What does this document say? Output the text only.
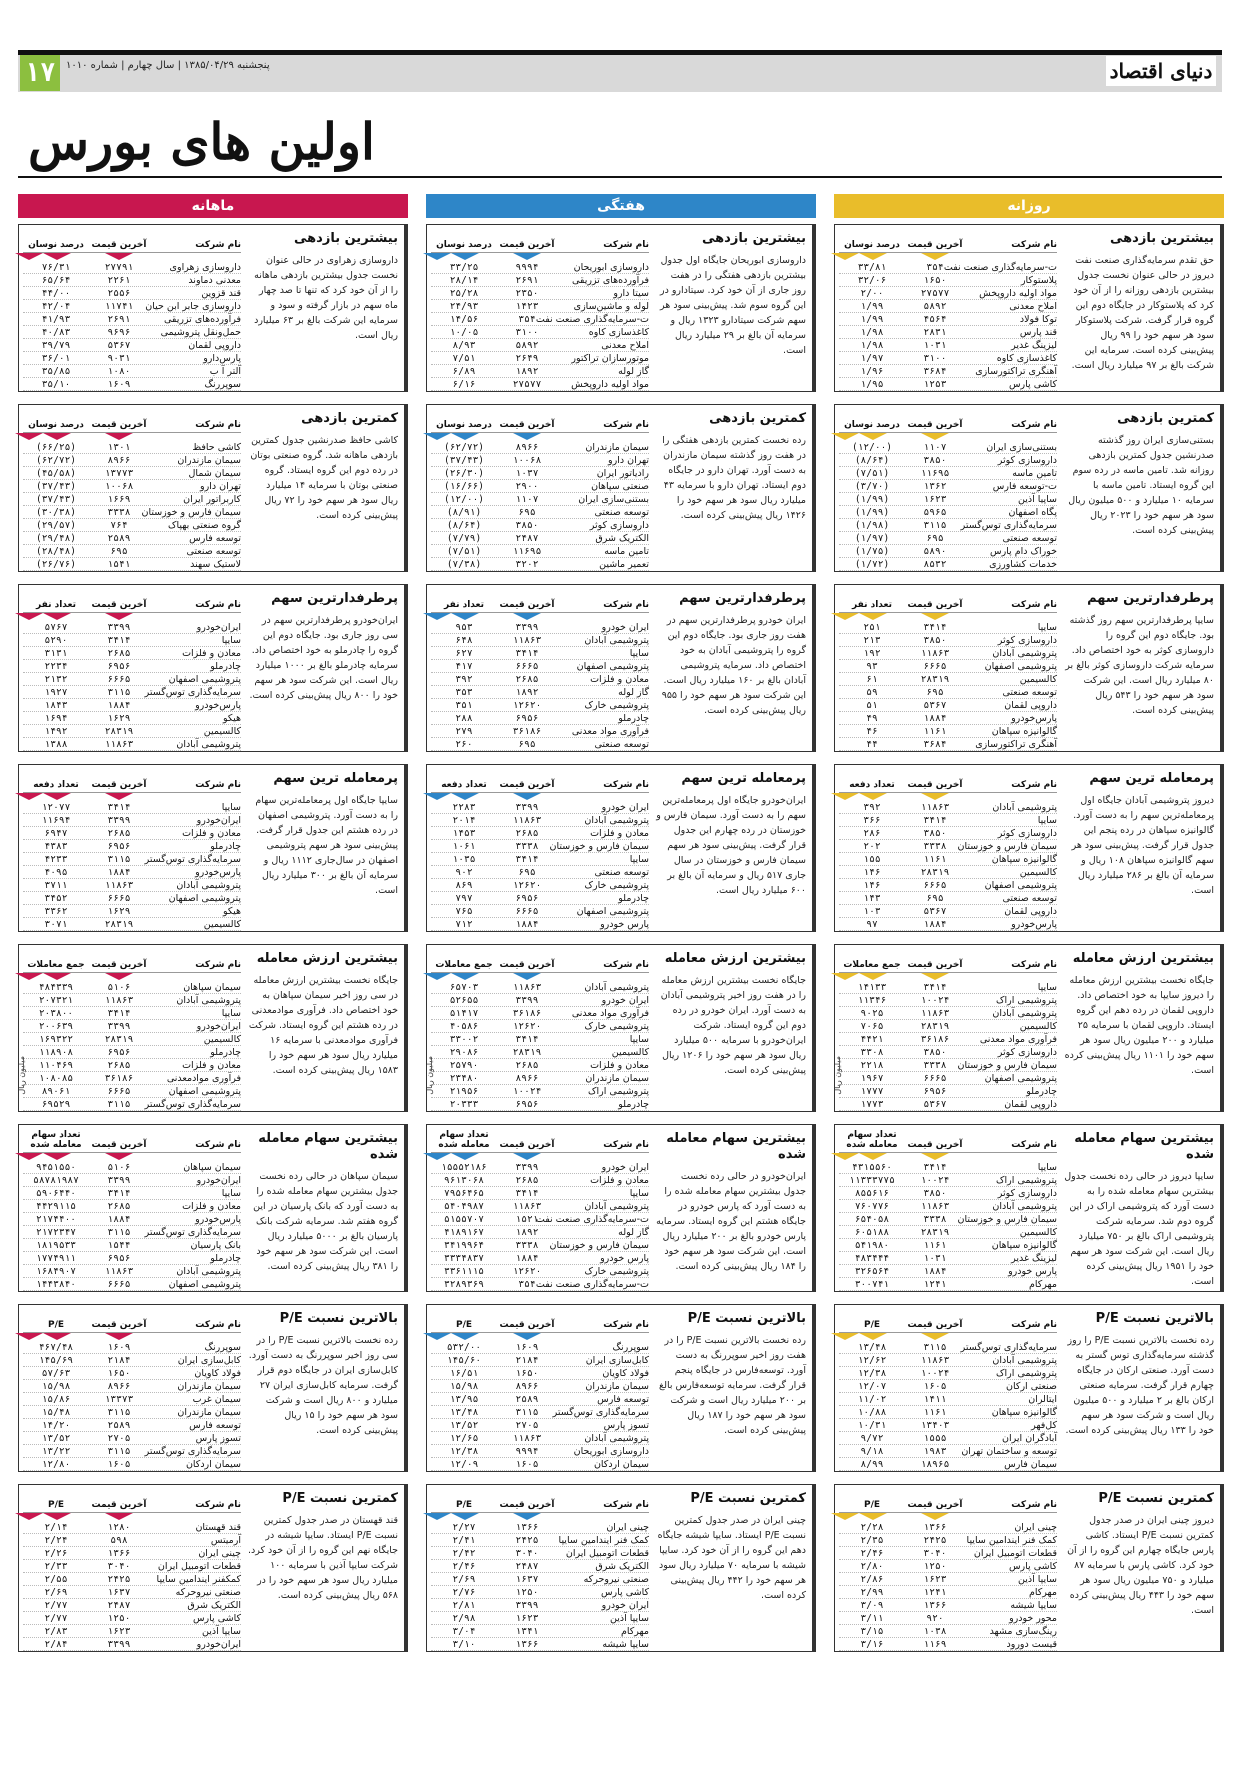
۱۷	پنجشنبه ۱۳۸۵/۰۴/۲۹ | سال چهارم | شماره ۱۰۱۰	دنیای اقتصاد
اولین های بورس
ماهانه
نام شرکت
آخرین قیمت
درصد نوسان
داروسازی زهراوی
۲۷۷۹۱
۷۶/۳۱
معدنی دماوند
۲۲۶۱
۶۵/۶۴
قند قزوین
۲۵۵۶
۴۴/۰۰
داروسازی جابر ابن حیان
۱۱۷۴۱
۴۲/۰۴
فرآورده‌های تزریقی
۲۶۹۱
۴۱/۹۳
حمل‌ونقل پتروشیمی
۹۶۹۶
۴۰/۸۳
داروپی لقمان
۵۳۶۷
۳۹/۷۹
پارس‌دارو
۹۰۳۱
۳۶/۰۱
آلتر آ ب
۱۰۸۰
۳۵/۸۵
سوپررنگ
۱۶۰۹
۳۵/۱۰
بیشترین بازدهی

داروسازی زهراوی در حالی عنوان نخست جدول بیشترین بازدهی ماهانه را از آن خود کرد که تنها تا صد چهار ماه سهم در بازار گرفته و سود و سرمایه این شرکت بالغ بر ۶۳ میلیارد ریال است.

نام شرکت
آخرین قیمت
درصد نوسان
کاشی حافظ
۱۳۰۱
(۶۶/۲۵)
سیمان مازندران
۸۹۶۶
(۶۲/۷۲)
سیمان شمال
۱۳۷۷۳
(۴۵/۵۸)
تهران دارو
۱۰۰۶۸
(۳۷/۴۳)
کاربراتور ایران
۱۶۶۹
(۳۷/۴۳)
سیمان فارس و خوزستان
۳۳۳۸
(۳۰/۳۸)
گروه صنعتی بهپاک
۷۶۴
(۲۹/۵۷)
توسعه فارس
۲۵۸۹
(۲۹/۴۸)
توسعه صنعتی
۶۹۵
(۲۸/۴۸)
لاستیک سهند
۱۵۴۱
(۲۶/۷۶)
کمترین بازدهی

کاشی حافظ صدرنشین جدول کمترین بازدهی ماهانه شد. گروه صنعتی بوتان در رده دوم این گروه ایستاد. گروه صنعتی بوتان با سرمایه ۱۴ میلیارد ریال سود هر سهم خود را ۷۲ ریال پیش‌بینی کرده است.

نام شرکت
آخرین قیمت
تعداد نفر
ایران‌خودرو
۳۳۹۹
۵۷۶۷
سایپا
۳۴۱۴
۵۲۹۰
معادن و فلزات
۲۶۸۵
۳۱۳۱
چادرملو
۶۹۵۶
۲۲۳۴
پتروشیمی اصفهان
۶۶۶۵
۲۱۳۲
سرمایه‌گذاری توس‌گستر
۳۱۱۵
۱۹۲۷
پارس‌خودرو
۱۸۸۴
۱۸۴۳
هیکو
۱۶۲۹
۱۶۹۴
کالسیمین
۲۸۳۱۹
۱۴۹۲
پتروشیمی آبادان
۱۱۸۶۳
۱۳۸۸
پرطرفدارترین سهم

ایران‌خودرو پرطرفدارترین سهم در سی روز جاری بود. جایگاه دوم این گروه را چادرملو به خود اختصاص داد. سرمایه چادرملو بالغ بر ۱۰۰۰ میلیارد ریال است. این شرکت سود هر سهم خود را ۸۰۰ ریال پیش‌بینی کرده است.

نام شرکت
آخرین قیمت
تعداد دفعه
سایپا
۳۴۱۴
۱۲۰۷۷
ایران‌خودرو
۳۳۹۹
۱۱۶۹۴
معادن و فلزات
۲۶۸۵
۶۹۴۷
چادرملو
۶۹۵۶
۴۳۸۳
سرمایه‌گذاری توس‌گستر
۳۱۱۵
۴۲۳۳
پارس‌خودرو
۱۸۸۴
۴۰۹۵
پتروشیمی آبادان
۱۱۸۶۳
۳۷۱۱
پتروشیمی اصفهان
۶۶۶۵
۳۴۵۲
هیکو
۱۶۲۹
۳۳۶۲
کالسیمین
۲۸۳۱۹
۳۰۷۱
پرمعامله ترین سهم

سایپا جایگاه اول پرمعامله‌ترین سهام را به دست آورد. پتروشیمی اصفهان در رده هشتم این جدول قرار گرفت. پیش‌بینی سود هر سهم پتروشیمی اصفهان در سال‌جاری ۱۱۱۲ ریال و سرمایه آن بالغ بر ۳۰۰ میلیارد ریال است.

نام شرکت
آخرین قیمت
جمع معاملات
سیمان سپاهان
۵۱۰۶
۴۸۴۳۳۹
پتروشیمی آبادان
۱۱۸۶۳
۲۰۷۳۲۱
سایپا
۳۴۱۴
۲۰۳۸۰۰
ایران‌خودرو
۳۳۹۹
۲۰۰۶۳۹
کالسیمین
۲۸۳۱۹
۱۶۹۳۲۲
چادرملو
۶۹۵۶
۱۱۸۹۰۸
معادن و فلزات
۲۶۸۵
۱۱۰۴۶۹
فرآوری موادمعدنی
۳۶۱۸۶
۱۰۸۰۸۵
پتروشیمی اصفهان
۶۶۶۵
۸۹۰۶۱
سرمایه‌گذاری توس‌گستر
۳۱۱۵
۶۹۵۲۹
بیشترین ارزش معامله

جایگاه نخست بیشترین ارزش معامله در سی روز اخیر سیمان سپاهان به خود اختصاص داد. فرآوری موادمعدنی در رده هشتم این گروه ایستاد. شرکت فرآوری موادمعدنی با سرمایه ۱۶ میلیارد ریال سود هر سهم خود را ۱۵۸۳ ریال پیش‌بینی کرده است.

میلیون ریال
نام شرکت
آخرین قیمت
تعداد سهام معامله شده
سیمان سپاهان
۵۱۰۶
۹۴۵۱۵۵۰
ایران‌خودرو
۳۳۹۹
۵۸۷۸۱۹۸۷
سایپا
۳۴۱۴
۵۹۰۶۴۴۰
معادن و فلزات
۲۶۸۵
۴۴۲۹۱۱۵
پارس‌خودرو
۱۸۸۴
۲۱۷۴۴۰۰
سرمایه‌گذاری توس‌گستر
۳۱۱۵
۲۱۷۲۳۴۷
بانک پارسیان
۱۵۴۴
۱۸۱۹۵۳۳
چادرملو
۶۹۵۶
۱۷۷۴۹۱۱
پتروشیمی آبادان
۱۱۸۶۳
۱۶۸۴۹۰۷
پتروشیمی اصفهان
۶۶۶۵
۱۴۴۳۸۴۰
بیشترین سهام معامله شده

سیمان سپاهان در حالی رده نخست جدول بیشترین سهام معامله شده را به دست آورد که بانک پارسیان در این گروه هفتم شد. سرمایه شرکت بانک پارسیان بالغ بر ۵۰۰۰ میلیارد ریال است. این شرکت سود هر سهم خود را ۳۸۱ ریال پیش‌بینی کرده است.

نام شرکت
آخرین قیمت
P/E
سوپررنگ
۱۶۰۹
۴۶۷/۴۸
کابل‌سازی ایران
۲۱۸۴
۱۴۵/۶۹
فولاد کاویان
۱۶۵۰
۵۷/۶۳
سیمان مازندران
۸۹۶۶
۱۵/۹۸
سیمان غرب
۱۳۳۷۳
۱۵/۸۶
سیمان مازندران
۳۱۱۵
۱۵/۴۸
توسعه فارس
۲۵۸۹
۱۴/۲۰
تسوز پارس
۲۷۰۵
۱۳/۵۲
سرمایه‌گذاری توس‌گستر
۳۱۱۵
۱۳/۲۲
سیمان اردکان
۱۶۰۵
۱۲/۸۰
بالاترین نسبت P/E

رده نخست بالاترین نسبت P/E را در سی روز اخیر سوپررنگ به دست آورد. کابل‌سازی ایران در جایگاه دوم قرار گرفت. سرمایه کابل‌سازی ایران ۲۷ میلیارد و ۸۰۰ ریال است و شرکت سود هر سهم خود را ۱۵ ریال پیش‌بینی کرده است.

نام شرکت
آخرین قیمت
P/E
قند قهستان
۱۲۸۰
۲/۱۴
آرمیتس
۵۹۸
۲/۲۴
چینی ایران
۱۳۶۶
۲/۲۶
قطعات اتومبیل ایران
۳۰۴۰
۲/۳۳
کمکفنر ایندامین سایپا
۲۴۲۵
۲/۵۵
صنعتی نیروحرکه
۱۶۳۷
۲/۶۹
الکتریک شرق
۲۴۸۷
۲/۷۷
کاشی پارس
۱۲۵۰
۲/۷۷
سایپا آذین
۱۶۲۳
۲/۸۳
ایران‌خودرو
۳۳۹۹
۲/۸۴
کمترین نسبت P/E

قند قهستان در صدر جدول کمترین نسبت P/E ایستاد. سایپا شیشه در جایگاه نهم این گروه را از آن خود کرد. شرکت سایپا آذین با سرمایه ۱۰۰ میلیارد ریال سود هر سهم خود را در ۵۶۸ ریال پیش‌بینی کرده است.

هفتگی
نام شرکت
آخرین قیمت
درصد نوسان
داروسازی ابوریحان
۹۹۹۴
۳۳/۲۵
فرآورده‌های تزریقی
۲۶۹۱
۲۸/۱۴
سیتا دارو
۲۳۵۰
۲۵/۲۸
لوله و ماشین‌سازی
۱۴۲۳
۲۴/۹۳
ت-سرمایه‌گذاری صنعت نفت
۳۵۴
۱۴/۵۶
کاغذسازی کاوه
۳۱۰۰
۱۰/۰۵
املاح معدنی
۵۸۹۲
۸/۹۳
موتورسازان تراکتور
۲۶۴۹
۷/۵۱
گاز لوله
۱۸۹۲
۶/۸۹
مواد اولیه داروپخش
۲۷۵۷۷
۶/۱۶
بیشترین بازدهی

داروسازی ابوریحان جایگاه اول جدول بیشترین بازدهی هفتگی را در هفت روز جاری از آن خود کرد. سیتادارو در این گروه سوم شد. پیش‌بینی سود هر سهم شرکت سیتادارو ۱۳۲۳ ریال و سرمایه آن بالغ بر ۲۹ میلیارد ریال است.

نام شرکت
آخرین قیمت
درصد نوسان
سیمان مازندران
۸۹۶۶
(۶۲/۷۲)
تهران دارو
۱۰۰۶۸
(۳۷/۴۳)
رادیاتور ایران
۱۰۳۷
(۲۶/۳۰)
صنعتی سپاهان
۲۹۰۰
(۱۶/۶۶)
بستنی‌سازی ایران
۱۱۰۷
(۱۲/۰۰)
توسعه صنعتی
۶۹۵
(۸/۹۱)
داروسازی کوثر
۳۸۵۰
(۸/۶۴)
الکتریک شرق
۲۴۸۷
(۷/۷۹)
تامین ماسه
۱۱۶۹۵
(۷/۵۱)
تعمیر ماشین
۳۲۰۲
(۷/۳۸)
کمترین بازدهی

رده نخست کمترین بازدهی هفتگی را در هفت روز گذشته سیمان مازندران به دست آورد. تهران دارو در جایگاه دوم ایستاد. تهران دارو با سرمایه ۴۳ میلیارد ریال سود هر سهم خود را ۱۴۲۶ ریال پیش‌بینی کرده است.

نام شرکت
آخرین قیمت
تعداد نفر
ایران خودرو
۳۳۹۹
۹۵۳
پتروشیمی آبادان
۱۱۸۶۳
۶۴۸
سایپا
۳۴۱۴
۶۲۷
پتروشیمی اصفهان
۶۶۶۵
۴۱۷
معادن و فلزات
۲۶۸۵
۳۹۲
گاز لوله
۱۸۹۲
۳۵۳
پتروشیمی خارک
۱۲۶۲۰
۳۵۱
چادرملو
۶۹۵۶
۲۸۸
فرآوری مواد معدنی
۳۶۱۸۶
۲۷۹
توسعه صنعتی
۶۹۵
۲۶۰
پرطرفدارترین سهم

ایران خودرو پرطرفدارترین سهم در هفت روز جاری بود. جایگاه دوم این گروه را پتروشیمی آبادان به خود اختصاص داد. سرمایه پتروشیمی آبادان بالغ بر ۱۶۰ میلیارد ریال است. این شرکت سود هر سهم خود را ۹۵۵ ریال پیش‌بینی کرده است.

نام شرکت
آخرین قیمت
تعداد دفعه
ایران خودرو
۳۳۹۹
۲۲۸۳
پتروشیمی آبادان
۱۱۸۶۳
۲۰۱۴
معادن و فلزات
۲۶۸۵
۱۴۵۳
سیمان فارس و خوزستان
۳۳۳۸
۱۰۶۱
سایپا
۳۴۱۴
۱۰۳۵
توسعه صنعتی
۶۹۵
۹۰۲
پتروشیمی خارک
۱۲۶۲۰
۸۶۹
چادرملو
۶۹۵۶
۷۹۷
پتروشیمی اصفهان
۶۶۶۵
۷۶۵
پارس خودرو
۱۸۸۴
۷۱۲
پرمعامله ترین سهم

ایران‌خودرو جایگاه اول پرمعامله‌ترین سهم را به دست آورد. سیمان فارس و خوزستان در رده چهارم این جدول قرار گرفت. پیش‌بینی سود هر سهم سیمان فارس و خوزستان در سال جاری ۵۱۷ ریال و سرمایه آن بالغ بر ۶۰۰ میلیارد ریال است.

نام شرکت
آخرین قیمت
جمع معاملات
پتروشیمی آبادان
۱۱۸۶۳
۶۵۷۰۳
ایران خودرو
۳۳۹۹
۵۲۶۵۵
فرآوری مواد معدنی
۳۶۱۸۶
۵۱۴۱۷
پتروشیمی خارک
۱۲۶۲۰
۴۰۵۸۶
سایپا
۳۴۱۴
۳۳۰۰۲
کالسیمین
۲۸۳۱۹
۲۹۰۸۶
معادن و فلزات
۲۶۸۵
۲۵۷۹۰
سیمان مازندران
۸۹۶۶
۲۳۴۸۰
پتروشیمی اراک
۱۰۰۲۴
۲۱۹۵۶
چادرملو
۶۹۵۶
۲۰۳۳۳
بیشترین ارزش معامله

جایگاه نخست بیشترین ارزش معامله را در هفت روز اخیر پتروشیمی آبادان به دست آورد. ایران خودرو در رده دوم این گروه ایستاد. شرکت ایران‌خودرو با سرمایه ۵۰۰ میلیارد ریال سود هر سهم خود را ۱۲۰۶ ریال پیش‌بینی کرده است.

میلیون ریال
نام شرکت
آخرین قیمت
تعداد سهام معامله شده
ایران خودرو
۳۳۹۹
۱۵۵۵۲۱۸۶
معادن و فلزات
۲۶۸۵
۹۶۱۳۰۶۸
سایپا
۳۴۱۴
۷۹۵۶۴۶۵
پتروشیمی آبادان
۱۱۸۶۳
۵۴۰۴۹۸۷
ت-سرمایه‌گذاری صنعت نفت
۱۵۲۱
۵۱۵۵۷۰۷
گاز لوله
۱۸۹۲
۴۱۸۹۱۶۷
سیمان فارس و خوزستان
۳۳۳۸
۳۴۱۹۹۶۴
پارس خودرو
۱۸۸۴
۳۳۳۴۸۳۷
پتروشیمی خارک
۱۲۶۲۰
۳۳۶۱۱۱۵
ت-سرمایه‌گذاری صنعت نفت
۳۵۴
۳۲۸۹۳۶۹
بیشترین سهام معامله شده

ایران‌خودرو در حالی رده نخست جدول بیشترین سهام معامله شده را به دست آورد که پارس خودرو در جایگاه هشتم این گروه ایستاد. سرمایه پارس خودرو بالغ بر ۲۰۰ میلیارد ریال است. این شرکت سود هر سهم خود را ۱۸۴ ریال پیش‌بینی کرده است.

نام شرکت
آخرین قیمت
P/E
سوپررنگ
۱۶۰۹
۵۳۲/۰۰
کابل‌سازی ایران
۲۱۸۴
۱۴۵/۶۰
فولاد کاویان
۱۶۵۰
۱۶/۵۱
سیمان مازندران
۸۹۶۶
۱۵/۹۸
توسعه فارس
۲۵۸۹
۱۳/۹۵
سرمایه‌گذاری توس‌گستر
۳۱۱۵
۱۳/۴۸
تسوز پارس
۲۷۰۵
۱۳/۵۲
پتروشیمی آبادان
۱۱۸۶۳
۱۲/۶۵
داروسازی ابوریحان
۹۹۹۴
۱۲/۳۸
سیمان اردکان
۱۶۰۵
۱۲/۰۹
بالاترین نسبت P/E

رده نخست بالاترین نسبت P/E را در هفت روز اخیر سوپررنگ به دست آورد. توسعه‌فارس در جایگاه پنجم قرار گرفت. سرمایه توسعه‌فارس بالغ بر ۲۰۰ میلیارد ریال است و شرکت سود هر سهم خود را ۱۸۷ ریال پیش‌بینی کرده است.

نام شرکت
آخرین قیمت
P/E
چینی ایران
۱۳۶۶
۲/۲۷
کمک فنر ایندامین سایپا
۲۴۲۵
۲/۴۱
قطعات اتومبیل ایران
۳۰۴۰
۲/۴۲
الکتریک شرق
۲۴۸۷
۲/۴۶
صنعتی نیروحرکه
۱۶۳۷
۲/۶۹
کاشی پارس
۱۲۵۰
۲/۷۶
ایران خودرو
۳۳۹۹
۲/۸۱
سایپا آذین
۱۶۲۳
۲/۹۸
مهرکام
۱۳۴۱
۳/۰۴
سایپا شیشه
۱۳۶۶
۳/۱۰
کمترین نسبت P/E

چینی ایران در صدر جدول کمترین نسبت P/E ایستاد. سایپا شیشه جایگاه دهم این گروه را از آن خود کرد. سایپا شیشه با سرمایه ۷۰ میلیارد ریال سود هر سهم خود را ۴۴۲ ریال پیش‌بینی کرده است.

روزانه
نام شرکت
آخرین قیمت
درصد نوسان
ت-سرمایه‌گذاری صنعت نفت
۳۵۴
۳۳/۸۱
پلاستوکار
۱۶۵۰
۳۲/۰۶
مواد اولیه داروپخش
۲۷۵۷۷
۲/۰۰
املاح معدنی
۵۸۹۲
۱/۹۹
توکا فولاد
۴۵۶۴
۱/۹۹
قند پارس
۲۸۳۱
۱/۹۸
لیزینگ غدیر
۱۰۳۱
۱/۹۸
کاغذسازی کاوه
۳۱۰۰
۱/۹۷
آهنگری تراکتورسازی
۳۶۸۴
۱/۹۶
کاشی پارس
۱۲۵۳
۱/۹۵
بیشترین بازدهی

حق تقدم سرمایه‌گذاری صنعت نفت دیروز در حالی عنوان نخست جدول بیشترین بازدهی روزانه را از آن خود کرد که پلاستوکار در جایگاه دوم این گروه قرار گرفت. شرکت پلاستوکار سود هر سهم خود را ۹۹ ریال پیش‌بینی کرده است. سرمایه این شرکت بالغ بر ۹۷ میلیارد ریال است.

نام شرکت
آخرین قیمت
درصد نوسان
بستنی‌سازی ایران
۱۱۰۷
(۱۲/۰۰)
داروسازی کوثر
۳۸۵۰
(۸/۶۴)
تامین ماسه
۱۱۶۹۵
(۷/۵۱)
ت-توسعه فارس
۱۳۶۲
(۳/۷۰)
ساپیا آذین
۱۶۲۳
(۱/۹۹)
پگاه اصفهان
۵۹۶۵
(۱/۹۹)
سرمایه‌گذاری توس‌گستر
۳۱۱۵
(۱/۹۸)
توسعه صنعتی
۶۹۵
(۱/۹۷)
خوراک دام پارس
۵۸۹۰
(۱/۷۵)
خدمات کشاورزی
۸۵۳۲
(۱/۷۲)
کمترین بازدهی

بستنی‌سازی ایران روز گذشته صدرنشین جدول کمترین بازدهی روزانه شد. تامین ماسه در رده سوم این گروه ایستاد. تامین ماسه با سرمایه ۱۰ میلیارد و ۵۰۰ میلیون ریال سود هر سهم خود را ۲۰۲۳ ریال پیش‌بینی کرده است.

نام شرکت
آخرین قیمت
تعداد نفر
سایپا
۳۴۱۴
۲۵۱
داروسازی کوثر
۳۸۵۰
۲۱۳
پتروشیمی آبادان
۱۱۸۶۳
۱۹۲
پتروشیمی اصفهان
۶۶۶۵
۹۳
کالسیمین
۲۸۳۱۹
۶۱
توسعه صنعتی
۶۹۵
۵۹
داروپی لقمان
۵۳۶۷
۵۱
پارس‌خودرو
۱۸۸۴
۴۹
گالوانیزه سپاهان
۱۱۶۱
۴۶
آهنگری تراکتورسازی
۳۶۸۴
۴۴
پرطرفدارترین سهم

سایپا پرطرفدارترین سهم روز گذشته بود. جایگاه دوم این گروه را داروسازی کوثر به خود اختصاص داد. سرمایه شرکت داروسازی کوثر بالغ بر ۸۰ میلیارد ریال است. این شرکت سود هر سهم خود را ۵۴۳ ریال پیش‌بینی کرده است.

نام شرکت
آخرین قیمت
تعداد دفعه
پتروشیمی آبادان
۱۱۸۶۳
۳۹۲
سایپا
۳۴۱۴
۳۶۶
داروسازی کوثر
۳۸۵۰
۲۸۶
سیمان فارس و خوزستان
۳۳۳۸
۲۰۲
گالوانیزه سپاهان
۱۱۶۱
۱۵۵
کالسیمین
۲۸۳۱۹
۱۴۶
پتروشیمی اصفهان
۶۶۶۵
۱۴۶
توسعه صنعتی
۶۹۵
۱۴۳
داروپی لقمان
۵۳۶۷
۱۰۳
پارس‌خودرو
۱۸۸۴
۹۷
پرمعامله ترین سهم

دیروز پتروشیمی آبادان جایگاه اول پرمعامله‌ترین سهم را به دست آورد. گالوانیزه سپاهان در رده پنجم این جدول قرار گرفت. پیش‌بینی سود هر سهم گالوانیزه سپاهان ۱۰۸ ریال و سرمایه آن بالغ بر ۲۸۶ میلیارد ریال است.

نام شرکت
آخرین قیمت
جمع معاملات
سایپا
۳۴۱۴
۱۴۱۳۳
پتروشیمی اراک
۱۰۰۲۴
۱۱۳۴۶
پتروشیمی آبادان
۱۱۸۶۳
۹۰۲۵
کالسیمین
۲۸۳۱۹
۷۰۶۵
فرآوری مواد معدنی
۳۶۱۸۶
۴۴۲۱
داروسازی کوثر
۳۸۵۰
۳۳۰۸
سیمان فارس و خوزستان
۳۳۳۸
۲۲۱۸
پتروشیمی اصفهان
۶۶۶۵
۱۹۶۷
چادرملو
۶۹۵۶
۱۷۷۷
داروپی لقمان
۵۳۶۷
۱۷۷۳
بیشترین ارزش معامله

جایگاه نخست بیشترین ارزش معامله را دیروز سایپا به خود اختصاص داد. داروپی لقمان در رده دهم این گروه ایستاد. داروپی لقمان با سرمایه ۲۵ میلیارد و ۲۰۰ میلیون ریال سود هر سهم خود را ۱۱۰۱ ریال پیش‌بینی کرده است.

میلیون ریال
نام شرکت
آخرین قیمت
تعداد سهام معامله شده
سایپا
۳۴۱۴
۴۳۱۵۵۶۰
پتروشیمی اراک
۱۰۰۲۴
۱۱۳۳۳۷۷۵
داروسازی کوثر
۳۸۵۰
۸۵۵۶۱۶
پتروشیمی آبادان
۱۱۸۶۳
۷۶۰۷۷۶
سیمان فارس و خوزستان
۳۳۳۸
۶۵۴۰۵۸
کالسیمین
۲۸۳۱۹
۶۰۵۱۸۸
گالوانیزه سپاهان
۱۱۶۱
۵۴۱۹۸۰
لیزینگ غدیر
۱۰۳۱
۴۸۳۴۴۴
پارس خودرو
۱۸۸۴
۳۲۶۵۶۴
مهرکام
۱۲۴۱
۳۰۰۷۴۱
بیشترین سهام معامله شده

سایپا دیروز در حالی رده نخست جدول بیشترین سهام معامله شده را به دست آورد که پتروشیمی اراک در این گروه دوم شد. سرمایه شرکت پتروشیمی اراک بالغ بر ۷۵۰ میلیارد ریال است. این شرکت سود هر سهم خود را ۱۹۵۱ ریال پیش‌بینی کرده است.

نام شرکت
آخرین قیمت
P/E
سرمایه‌گذاری توس‌گستر
۳۱۱۵
۱۳/۴۸
پتروشیمی آبادان
۱۱۸۶۳
۱۲/۶۲
پتروشیمی اراک
۱۰۰۲۴
۱۲/۳۸
صنعتی ارکان
۱۶۰۵
۱۲/۰۷
ایتالران
۱۴۱۱
۱۱/۰۲
گالوانیزه سپاهان
۱۱۶۱
۱۰/۸۸
کل‌فهر
۱۳۴۰۳
۱۰/۳۱
آبادگران ایران
۱۵۵۵
۹/۷۲
توسعه و ساختمان تهران
۱۹۸۳
۹/۱۸
سیمان فارس
۱۸۹۶۵
۸/۹۹
بالاترین نسبت P/E

رده نخست بالاترین نسبت P/E را روز گذشته سرمایه‌گذاری توس گستر به دست آورد. صنعتی ارکان در جایگاه چهارم قرار گرفت. سرمایه صنعتی ارکان بالغ بر ۲ میلیارد و ۵۰۰ میلیون ریال است و شرکت سود هر سهم خود را ۱۳۳ ریال پیش‌بینی کرده است.

نام شرکت
آخرین قیمت
P/E
چینی ایران
۱۳۶۶
۲/۲۸
کمک فنر ایندامین سایپا
۲۴۲۵
۲/۳۵
قطعات اتومبیل ایران
۳۰۴۰
۲/۴۶
کاشی پارس
۱۲۵۰
۲/۸۰
سایپا آذین
۱۶۲۳
۲/۸۶
مهرکام
۱۲۴۱
۲/۹۹
سایپا شیشه
۱۳۶۶
۳/۰۹
محور خودرو
۹۲۰
۳/۱۱
رینگ‌سازی مشهد
۱۰۳۸
۳/۱۵
قیست دورود
۱۱۶۹
۳/۱۶
کمترین نسبت P/E

دیروز چینی ایران در صدر جدول کمترین نسبت P/E ایستاد. کاشی پارس جایگاه چهارم این گروه را از آن خود کرد. کاشی پارس با سرمایه ۸۷ میلیارد و ۷۵۰ میلیون ریال سود هر سهم خود را ۴۴۳ ریال پیش‌بینی کرده است.
